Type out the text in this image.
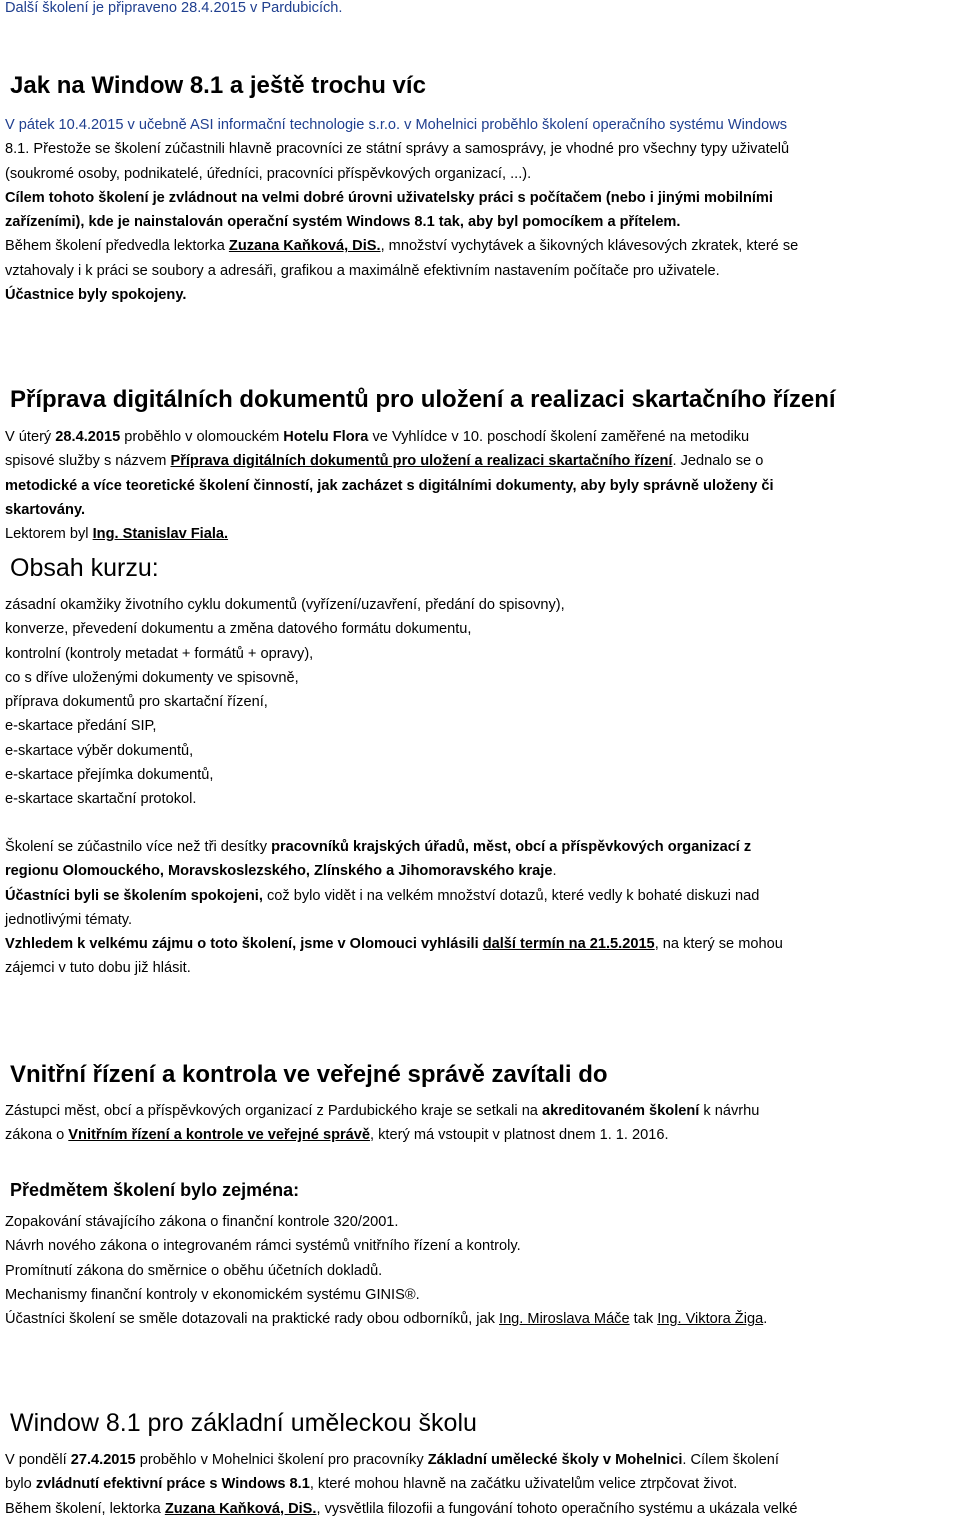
Další školení je připraveno 28.4.2015 v Pardubicích.
Jak na Window 8.1 a ještě trochu víc
V pátek 10.4.2015 v učebně ASI informační technologie s.r.o. v Mohelnici proběhlo školení operačního systému Windows
8.1. Přestože se školení zúčastnili hlavně pracovníci ze státní správy a samosprávy, je vhodné pro všechny typy uživatelů
(soukromé osoby, podnikatelé, úředníci, pracovníci příspěvkových organizací, ...).
Cílem tohoto školení je zvládnout na velmi dobré úrovni uživatelsky práci s počítačem (nebo i jinými mobilními
zařízeními), kde je nainstalován operační systém Windows 8.1 tak, aby byl pomocíkem a přítelem.
Během školení předvedla lektorka Zuzana Kaňková, DiS., množství vychytávek a šikovných klávesových zkratek, které se
vztahovaly i k práci se soubory a adresáři, grafikou a maximálně efektivním nastavením počítače pro uživatele.
Účastnice byly spokojeny.
Příprava digitálních dokumentů pro uložení a realizaci skartačního řízení
V úterý 28.4.2015 proběhlo v olomouckém Hotelu Flora ve Vyhlídce v 10. poschodí školení zaměřené na metodiku
spisové služby s názvem Příprava digitálních dokumentů pro uložení a realizaci skartačního řízení. Jednalo se o
metodické a více teoretické školení činností, jak zacházet s digitálními dokumenty, aby byly správně uloženy či
skartovány.
Lektorem byl Ing. Stanislav Fiala.
Obsah kurzu:
zásadní okamžiky životního cyklu dokumentů (vyřízení/uzavření, předání do spisovny),
konverze, převedení dokumentu a změna datového formátu dokumentu,
kontrolní (kontroly metadat + formátů + opravy),
co s dříve uloženými dokumenty ve spisovně,
příprava dokumentů pro skartační řízení,
e-skartace předání SIP,
e-skartace výběr dokumentů,
e-skartace přejímka dokumentů,
e-skartace skartační protokol.
Školení se zúčastnilo více než tři desítky pracovníků krajských úřadů, měst, obcí a příspěvkových organizací z
regionu Olomouckého, Moravskoslezského, Zlínského a Jihomoravského kraje.
Účastníci byli se školením spokojeni, což bylo vidět i na velkém množství dotazů, které vedly k bohaté diskuzi nad
jednotlivými tématy.
Vzhledem k velkému zájmu o toto školení, jsme v Olomouci vyhlásili další termín na 21.5.2015, na který se mohou
zájemci v tuto dobu již hlásit.
Vnitřní řízení a kontrola ve veřejné správě zavítali do
Zástupci měst, obcí a příspěvkových organizací z Pardubického kraje se setkali na akreditovaném školení k návrhu
zákona o Vnitřním řízení a kontrole ve veřejné správě, který má vstoupit v platnost dnem 1. 1. 2016.
Předmětem školení bylo zejména:
Zopakování stávajícího zákona o finanční kontrole 320/2001.
Návrh nového zákona o integrovaném rámci systémů vnitřního řízení a kontroly.
Promítnutí zákona do směrnice o oběhu účetních dokladů.
Mechanismy finanční kontroly v ekonomickém systému GINIS®.
Účastníci školení se směle dotazovali na praktické rady obou odborníků, jak Ing. Miroslava Máče tak Ing. Viktora Žiga.
Window 8.1 pro základní uměleckou školu
V pondělí 27.4.2015 proběhlo v Mohelnici školení pro pracovníky Základní umělecké školy v Mohelnici. Cílem školení
bylo zvládnutí efektivní práce s Windows 8.1, které mohou hlavně na začátku uživatelům velice ztrpčovat život.
Během školení, lektorka Zuzana Kaňková, DiS., vysvětlila filozofii a fungování tohoto operačního systému a ukázala velké
